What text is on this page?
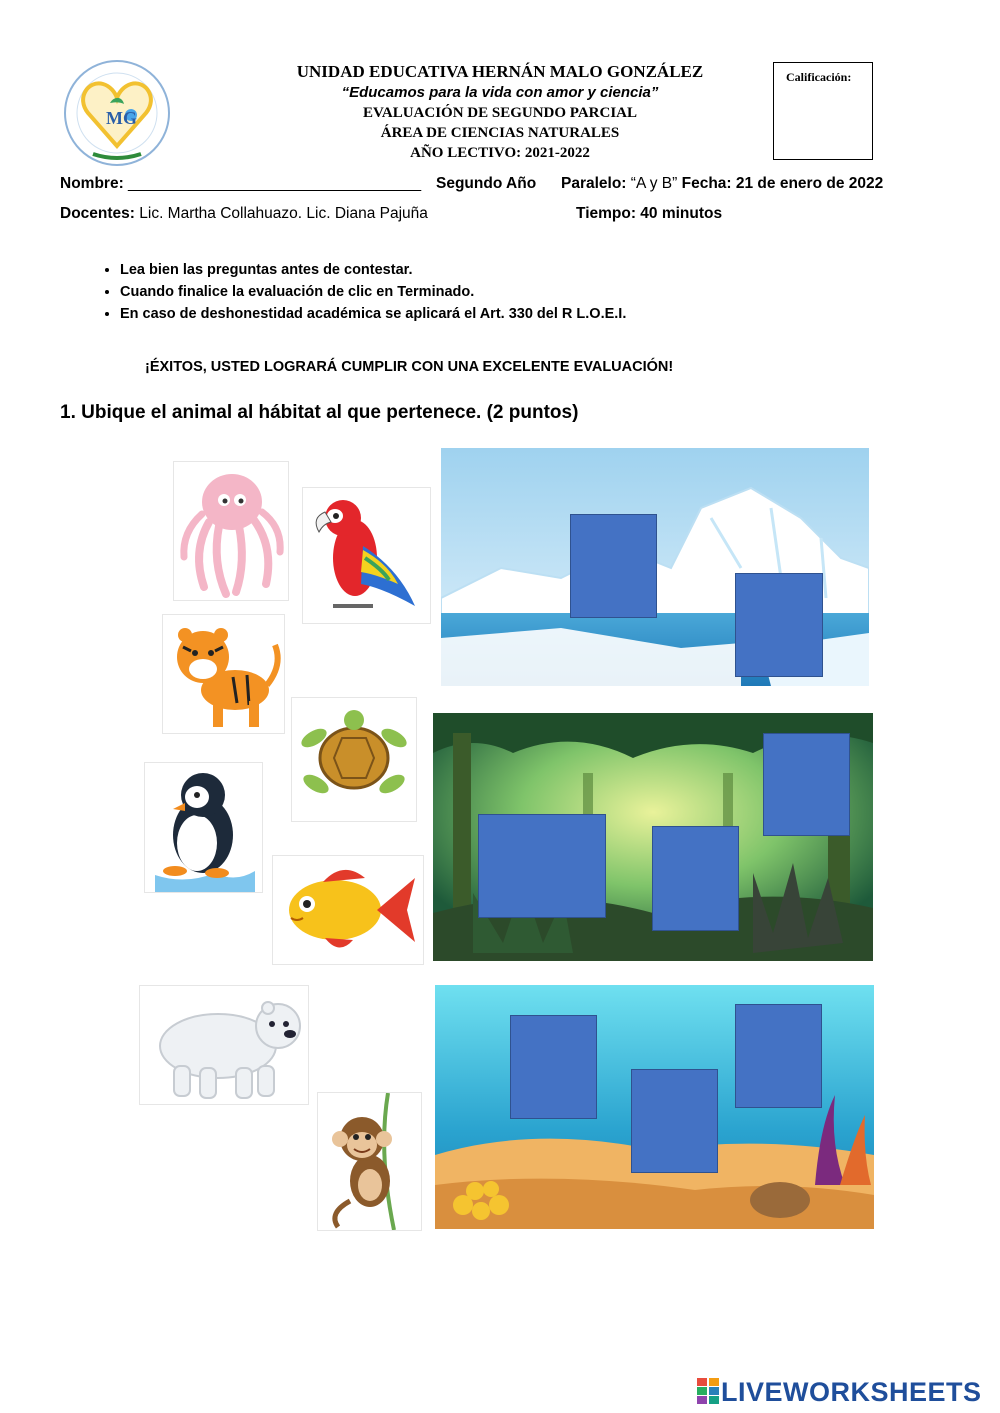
MG
UNIDAD EDUCATIVA HERNÁN MALO GONZÁLEZ
“Educamos para la vida con amor y ciencia”
EVALUACIÓN DE SEGUNDO PARCIAL
ÁREA DE CIENCIAS NATURALES
AÑO LECTIVO: 2021-2022
Calificación:
Nombre: __________________________________ Segundo Año Paralelo: “A y B” Fecha: 21 de enero de 2022
Docentes: Lic. Martha Collahuazo. Lic. Diana Pajuña	Tiempo: 40 minutos
• Lea bien las preguntas antes de contestar.
• Cuando finalice la evaluación de clic en Terminado.
• En caso de deshonestidad académica se aplicará el Art. 330 del R L.O.E.I.
¡ÉXITOS, USTED LOGRARÁ CUMPLIR CON UNA EXCELENTE EVALUACIÓN!
1. Ubique el animal al hábitat al que pertenece. (2 puntos)
LIVEWORKSHEETS
